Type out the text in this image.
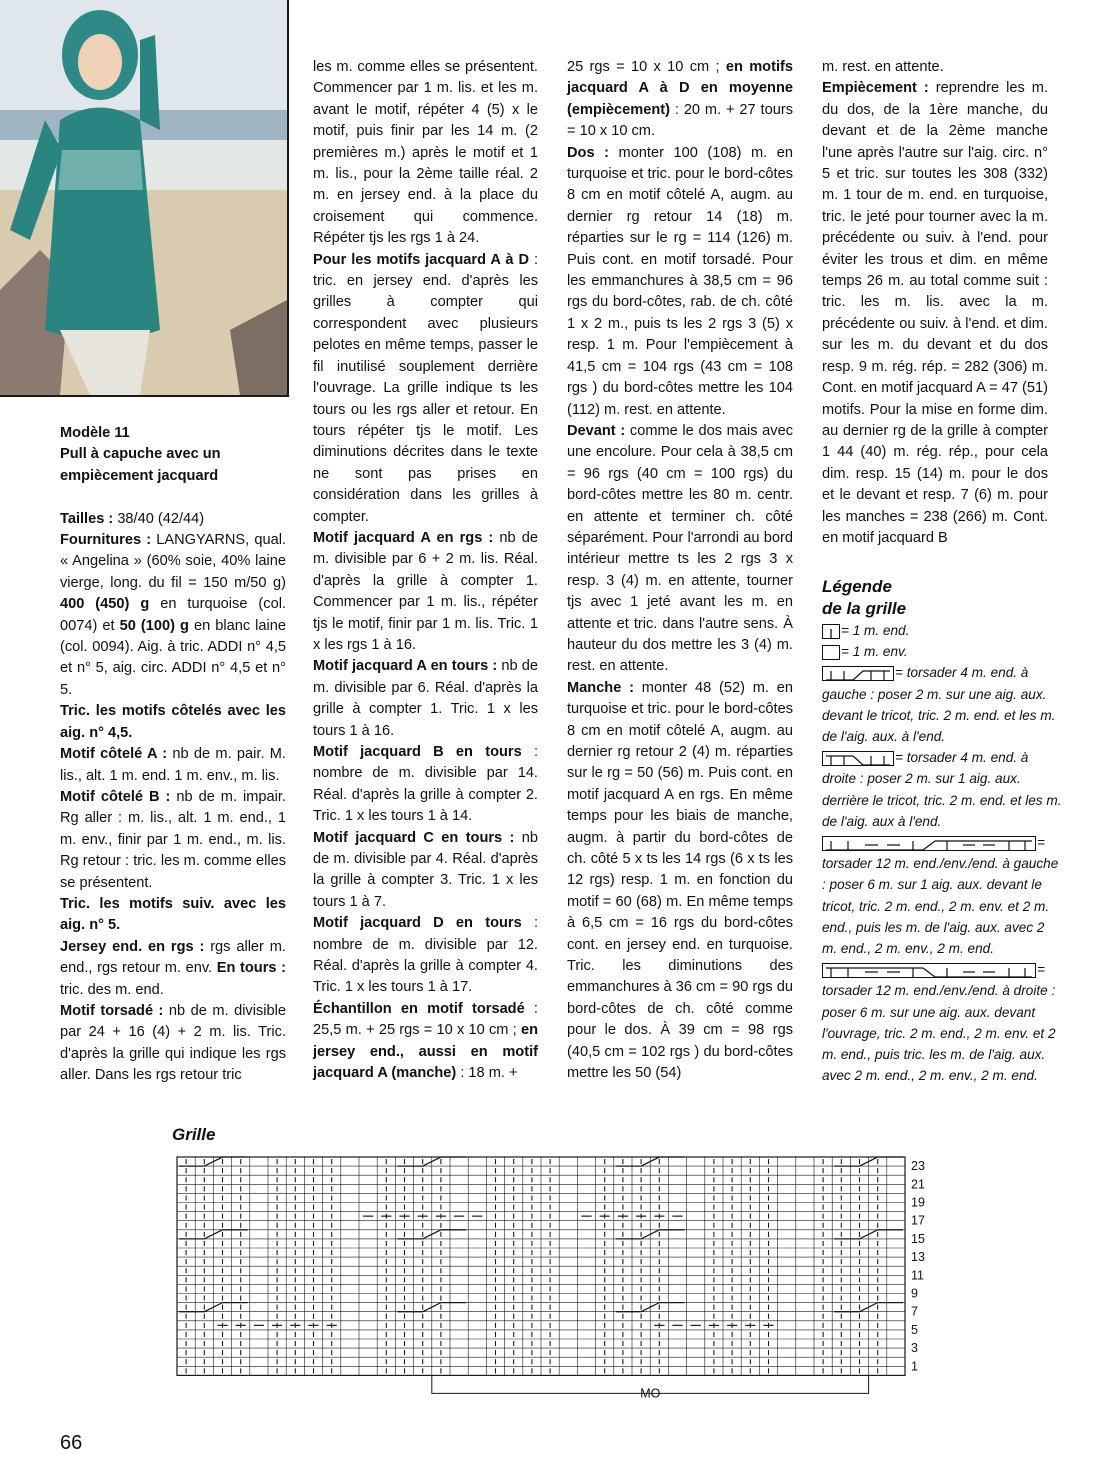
Modèle 11

Pull à capuche avec un

empiècement jacquard

Tailles : 38/40 (42/44)

Fournitures : LANGYARNS, qual. « Angelina » (60% soie, 40% laine vierge, long. du fil = 150 m/50 g) 400 (450) g en turquoise (col. 0074) et 50 (100) g en blanc laine (col. 0094). Aig. à tric. ADDI n° 4,5 et n° 5, aig. circ. ADDI n° 4,5 et n° 5.

Tric. les motifs côtelés avec les aig. n° 4,5.

Motif côtelé A : nb de m. pair. M. lis., alt. 1 m. end. 1 m. env., m. lis.

Motif côtelé B : nb de m. impair. Rg aller : m. lis., alt. 1 m. end., 1 m. env., finir par 1 m. end., m. lis. Rg retour : tric. les m. comme elles se présentent.

Tric. les motifs suiv. avec les aig. n° 5.

Jersey end. en rgs : rgs aller m. end., rgs retour m. env. En tours : tric. des m. end.

Motif torsadé : nb de m. divisible par 24 + 16 (4) + 2 m. lis. Tric. d'après la grille qui indique les rgs aller. Dans les rgs retour tric

les m. comme elles se présentent. Commencer par 1 m. lis. et les m. avant le motif, répéter 4 (5) x le motif, puis finir par les 14 m. (2 premières m.) après le motif et 1 m. lis., pour la 2ème taille réal. 2 m. en jersey end. à la place du croisement qui commence. Répéter tjs les rgs 1 à 24.

Pour les motifs jacquard A à D : tric. en jersey end. d'après les grilles à compter qui correspondent avec plusieurs pelotes en même temps, passer le fil inutilisé souplement derrière l'ouvrage. La grille indique ts les tours ou les rgs aller et retour. En tours répéter tjs le motif. Les diminutions décrites dans le texte ne sont pas prises en considération dans les grilles à compter.

Motif jacquard A en rgs : nb de m. divisible par 6 + 2 m. lis. Réal. d'après la grille à compter 1. Commencer par 1 m. lis., répéter tjs le motif, finir par 1 m. lis. Tric. 1 x les rgs 1 à 16.

Motif jacquard A en tours : nb de m. divisible par 6. Réal. d'après la grille à compter 1. Tric. 1 x les tours 1 à 16.

Motif jacquard B en tours : nombre de m. divisible par 14. Réal. d'après la grille à compter 2. Tric. 1 x les tours 1 à 14.

Motif jacquard C en tours : nb de m. divisible par 4. Réal. d'après la grille à compter 3. Tric. 1 x les tours 1 à 7.

Motif jacquard D en tours : nombre de m. divisible par 12. Réal. d'après la grille à compter 4. Tric. 1 x les tours 1 à 17.

Échantillon en motif torsadé : 25,5 m. + 25 rgs = 10 x 10 cm ; en jersey end., aussi en motif jacquard A (manche) : 18 m. +

25 rgs = 10 x 10 cm ; en motifs jacquard A à D en moyenne (empiècement) : 20 m. + 27 tours = 10 x 10 cm.

Dos : monter 100 (108) m. en turquoise et tric. pour le bord-côtes 8 cm en motif côtelé A, augm. au dernier rg retour 14 (18) m. réparties sur le rg = 114 (126) m. Puis cont. en motif torsadé. Pour les emmanchures à 38,5 cm = 96 rgs du bord-côtes, rab. de ch. côté 1 x 2 m., puis ts les 2 rgs 3 (5) x resp. 1 m. Pour l'empiècement à 41,5 cm = 104 rgs (43 cm = 108 rgs ) du bord-côtes mettre les 104 (112) m. rest. en attente.

Devant : comme le dos mais avec une encolure. Pour cela à 38,5 cm = 96 rgs (40 cm = 100 rgs) du bord-côtes mettre les 80 m. centr. en attente et terminer ch. côté séparément. Pour l'arrondi au bord intérieur mettre ts les 2 rgs 3 x resp. 3 (4) m. en attente, tourner tjs avec 1 jeté avant les m. en attente et tric. dans l'autre sens. À hauteur du dos mettre les 3 (4) m. rest. en attente.

Manche : monter 48 (52) m. en turquoise et tric. pour le bord-côtes 8 cm en motif côtelé A, augm. au dernier rg retour 2 (4) m. réparties sur le rg = 50 (56) m. Puis cont. en motif jacquard A en rgs. En même temps pour les biais de manche, augm. à partir du bord-côtes de ch. côté 5 x ts les 14 rgs (6 x ts les 12 rgs) resp. 1 m. en fonction du motif = 60 (68) m. En même temps à 6,5 cm = 16 rgs du bord-côtes cont. en jersey end. en turquoise. Tric. les diminutions des emmanchures à 36 cm = 90 rgs du bord-côtes de ch. côté comme pour le dos. À 39 cm = 98 rgs (40,5 cm = 102 rgs ) du bord-côtes mettre les 50 (54)

m. rest. en attente.

Empiècement : reprendre les m. du dos, de la 1ère manche, du devant et de la 2ème manche l'une après l'autre sur l'aig. circ. n° 5 et tric. sur toutes les 308 (332) m. 1 tour de m. end. en turquoise, tric. le jeté pour tourner avec la m. précédente ou suiv. à l'end. pour éviter les trous et dim. en même temps 26 m. au total comme suit : tric. les m. lis. avec la m. précédente ou suiv. à l'end. et dim. sur les m. du devant et du dos resp. 9 m. rég. rép. = 282 (306) m. Cont. en motif jacquard A = 47 (51) motifs. Pour la mise en forme dim. au dernier rg de la grille à compter 1 44 (40) m. rég. rép., pour cela dim. resp. 15 (14) m. pour le dos et le devant et resp. 7 (6) m. pour les manches = 238 (266) m. Cont. en motif jacquard B

Légende
de la grille
= 1 m. end.
= 1 m. env.
= torsader 4 m. end. à gauche : poser 2 m. sur une aig. aux. devant le tricot, tric. 2 m. end. et les m. de l'aig. aux. à l'end.
= torsader 4 m. end. à droite : poser 2 m. sur 1 aig. aux. derrière le tricot, tric. 2 m. end. et les m. de l'aig. aux à l'end.
= torsader 12 m. end./env./end. à gauche : poser 6 m. sur 1 aig. aux. devant le tricot, tric. 2 m. end., 2 m. env. et 2 m. end., puis les m. de l'aig. aux. avec 2 m. end., 2 m. env., 2 m. end.
= torsader 12 m. end./env./end. à droite : poser 6 m. sur une aig. aux. devant l'ouvrage, tric. 2 m. end., 2 m. env. et 2 m. end., puis tric. les m. de l'aig. aux. avec 2 m. end., 2 m. env., 2 m. end.
Grille
23
21
19
17
15
13
11
9
7
5
3
1
MO
66
